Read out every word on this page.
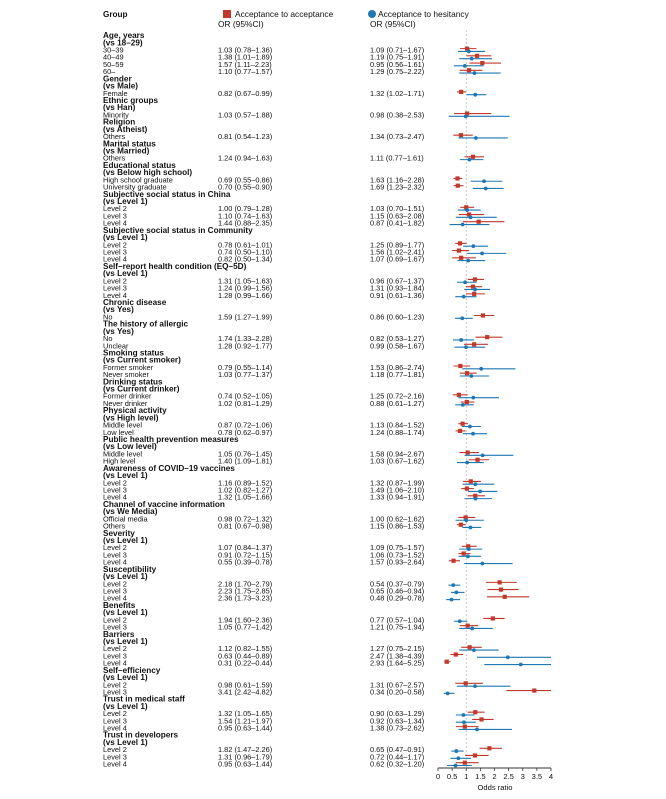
Acceptance to acceptance	Acceptance to hesitancy
Group
OR (95%CI)	OR (95%CI)
Age, years
(vs 18–29)
30–39	1.03 (0.78–1.36)	1.09 (0.71–1.67)
40–49	1.38 (1.01–1.89)	1.19 (0.75–1.91)
50–59	1.57 (1.11–2.23)	0.95 (0.56–1.61)
60–	1.10 (0.77–1.57)	1.29 (0.75–2.22)
Gender
(vs Male)
Female	0.82 (0.67–0.99)	1.32 (1.02–1.71)
Ethnic groups
(vs Han)
Minority	1.03 (0.57–1.88)	0.98 (0.38–2.53)
Religion
(vs Atheist)
Others	0.81 (0.54–1.23)	1.34 (0.73–2.47)
Marital status
(vs Married)
Others	1.24 (0.94–1.63)	1.11 (0.77–1.61)
Educational status
(vs Below high school)
High school graduate	0.69 (0.55–0.86)	1.63 (1.16–2.28)
University graduate	0.70 (0.55–0.90)	1.69 (1.23–2.32)
Subjective social status in China
(vs Level 1)
Level 2	1.00 (0.79–1.28)	1.03 (0.70–1.51)
Level 3	1.10 (0.74–1.63)	1.15 (0.63–2.08)
Level 4	1.44 (0.88–2.35)	0.87 (0.41–1.82)
Subjective social status in Community
(vs Level 1)
Level 2	0.78 (0.61–1.01)	1.25 (0.89–1.77)
Level 3	0.74 (0.50–1.10)	1.56 (1.02–2.41)
Level 4	0.82 (0.50–1.34)	1.07 (0.69–1.67)
Self–report health condition (EQ–5D)
(vs Level 1)
Level 2	1.31 (1.05–1.63)	0.96 (0.67–1.37)
Level 3	1.24 (0.99–1.56)	1.31 (0.93–1.84)
Level 4	1.28 (0.99–1.66)	0.91 (0.61–1.36)
Chronic disease
(vs Yes)
No	1.59 (1.27–1.99)	0.86 (0.60–1.23)
The history of allergic
(vs Yes)
No	1.74 (1.33–2.28)	0.82 (0.53–1.27)
Unclear	1.28 (0.92–1.77)	0.99 (0.58–1.67)
Smoking status
(vs Current smoker)
Former smoker	0.79 (0.55–1.14)	1.53 (0.86–2.74)
Never smoker	1.03 (0.77–1.37)	1.18 (0.77–1.81)
Drinking status
(vs Current drinker)
Former drinker	0.74 (0.52–1.05)	1.25 (0.72–2.16)
Never drinker	1.02 (0.81–1.29)	0.88 (0.61–1.27)
Physical activity
(vs High level)
Middle level	0.87 (0.72–1.06)	1.13 (0.84–1.52)
Low level	0.78 (0.62–0.97)	1.24 (0.88–1.74)
Public health prevention measures
(vs Low level)
Middle level	1.05 (0.76–1.45)	1.58 (0.94–2.67)
High level	1.40 (1.09–1.81)	1.03 (0.67–1.62)
Awareness of COVID–19 vaccines
(vs Level 1)
Level 2	1.16 (0.89–1.52)	1.32 (0.87–1.99)
Level 3	1.02 (0.82–1.27)	1.49 (1.06–2.10)
Level 4	1.32 (1.05–1.66)	1.33 (0.94–1.91)
Channel of vaccine information
(vs We Media)
Official media	0.98 (0.72–1.32)	1.00 (0.62–1.62)
Others	0.81 (0.67–0.98)	1.15 (0.86–1.53)
Severity
(vs Level 1)
Level 2	1.07 (0.84–1.37)	1.09 (0.75–1.57)
Level 3	0.91 (0.72–1.15)	1.06 (0.73–1.52)
Level 4	0.55 (0.39–0.78)	1.57 (0.93–2.64)
Susceptibility
(vs Level 1)
Level 2	2.18 (1.70–2.79)	0.54 (0.37–0.79)
Level 3	2.23 (1.75–2.85)	0.65 (0.46–0.94)
Level 4	2.36 (1.73–3.23)	0.48 (0.29–0.78)
Benefits
(vs Level 1)
Level 2	1.94 (1.60–2.36)	0.77 (0.57–1.04)
Level 3	1.05 (0.77–1.42)	1.21 (0.75–1.94)
Barriers
(vs Level 1)
Level 2	1.12 (0.82–1.55)	1.27 (0.75–2.15)
Level 3	0.63 (0.44–0.89)	2.47 (1.38–4.39)
Level 4	0.31 (0.22–0.44)	2.93 (1.64–5.25)
Self–efficiency
(vs Level 1)
Level 2	0.98 (0.61–1.59)	1.31 (0.67–2.57)
Level 3	3.41 (2.42–4.82)	0.34 (0.20–0.58)
Trust in medical staff
(vs Level 1)
Level 2	1.32 (1.05–1.65)	0.90 (0.63–1.29)
Level 3	1.54 (1.21–1.97)	0.92 (0.63–1.34)
Level 4	0.95 (0.63–1.44)	1.38 (0.73–2.62)
Trust in developers
(vs Level 1)
Level 2	1.82 (1.47–2.26)	0.65 (0.47–0.91)
Level 3	1.31 (0.96–1.79)	0.72 (0.44–1.17)
Level 4	0.95 (0.63–1.44)	0.62 (0.32–1.20)
Odds ratio
0 0.5 1 1.5 2 2.5 3 3.5 4
